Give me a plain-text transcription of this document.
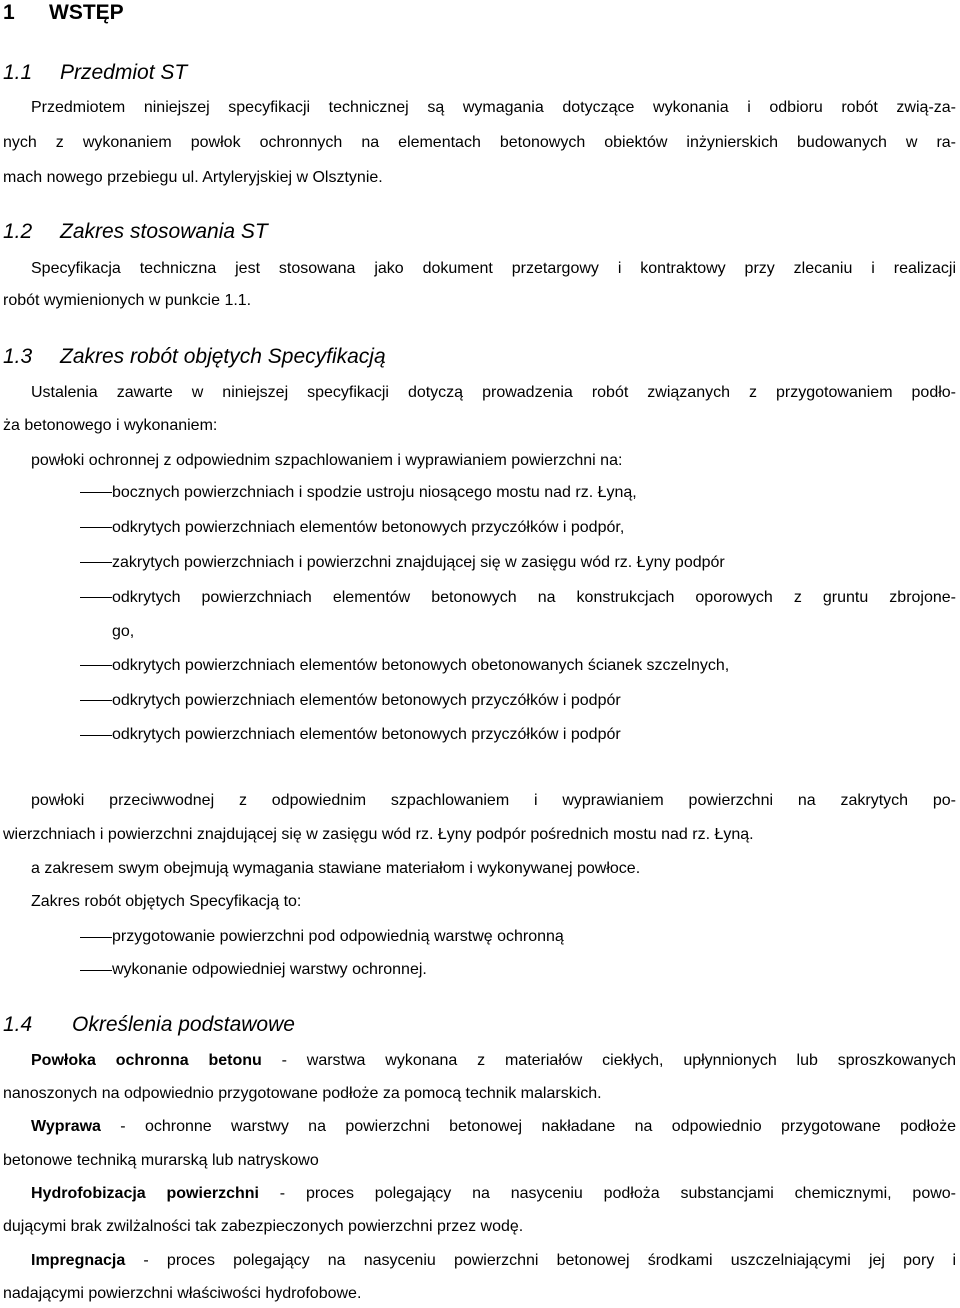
1 WSTĘP
1.1 Przedmiot ST
Przedmiotem niniejszej specyfikacji technicznej są wymagania dotyczące wykonania i odbioru robót zwią-za-
nych z wykonaniem powłok ochronnych na elementach betonowych obiektów inżynierskich budowanych w ra-
mach nowego przebiegu ul. Artyleryjskiej w Olsztynie.
1.2 Zakres stosowania ST
Specyfikacja techniczna jest stosowana jako dokument przetargowy i kontraktowy przy zlecaniu i realizacji
robót wymienionych w punkcie 1.1.
1.3 Zakres robót objętych Specyfikacją
Ustalenia zawarte w niniejszej specyfikacji dotyczą prowadzenia robót związanych z przygotowaniem podło-
ża betonowego i wykonaniem:
powłoki ochronnej z odpowiednim szpachlowaniem i wyprawianiem powierzchni na:
bocznych powierzchniach i spodzie ustroju niosącego mostu nad rz. Łyną,
odkrytych powierzchniach elementów betonowych przyczółków i podpór,
zakrytych powierzchniach i powierzchni znajdującej się w zasięgu wód rz. Łyny podpór
odkrytych powierzchniach elementów betonowych na konstrukcjach oporowych z gruntu zbrojone-
go,
odkrytych powierzchniach elementów betonowych obetonowanych ścianek szczelnych,
odkrytych powierzchniach elementów betonowych przyczółków i podpór
odkrytych powierzchniach elementów betonowych przyczółków i podpór
powłoki przeciwwodnej z odpowiednim szpachlowaniem i wyprawianiem powierzchni na zakrytych po-
wierzchniach i powierzchni znajdującej się w zasięgu wód rz. Łyny podpór pośrednich mostu nad rz. Łyną.
a zakresem swym obejmują wymagania stawiane materiałom i wykonywanej powłoce.
Zakres robót objętych Specyfikacją to:
przygotowanie powierzchni pod odpowiednią warstwę ochronną
wykonanie odpowiedniej warstwy ochronnej.
1.4 Określenia podstawowe
Powłoka ochronna betonu - warstwa wykonana z materiałów ciekłych, upłynnionych lub sproszkowanych
nanoszonych na odpowiednio przygotowane podłoże za pomocą technik malarskich.
Wyprawa - ochronne warstwy na powierzchni betonowej nakładane na odpowiednio przygotowane podłoże
betonowe techniką murarską lub natryskowo
Hydrofobizacja powierzchni - proces polegający na nasyceniu podłoża substancjami chemicznymi, powo-
dującymi brak zwilżalności tak zabezpieczonych powierzchni przez wodę.
Impregnacja - proces polegający na nasyceniu powierzchni betonowej środkami uszczelniającymi jej pory i
nadającymi powierzchni właściwości hydrofobowe.
